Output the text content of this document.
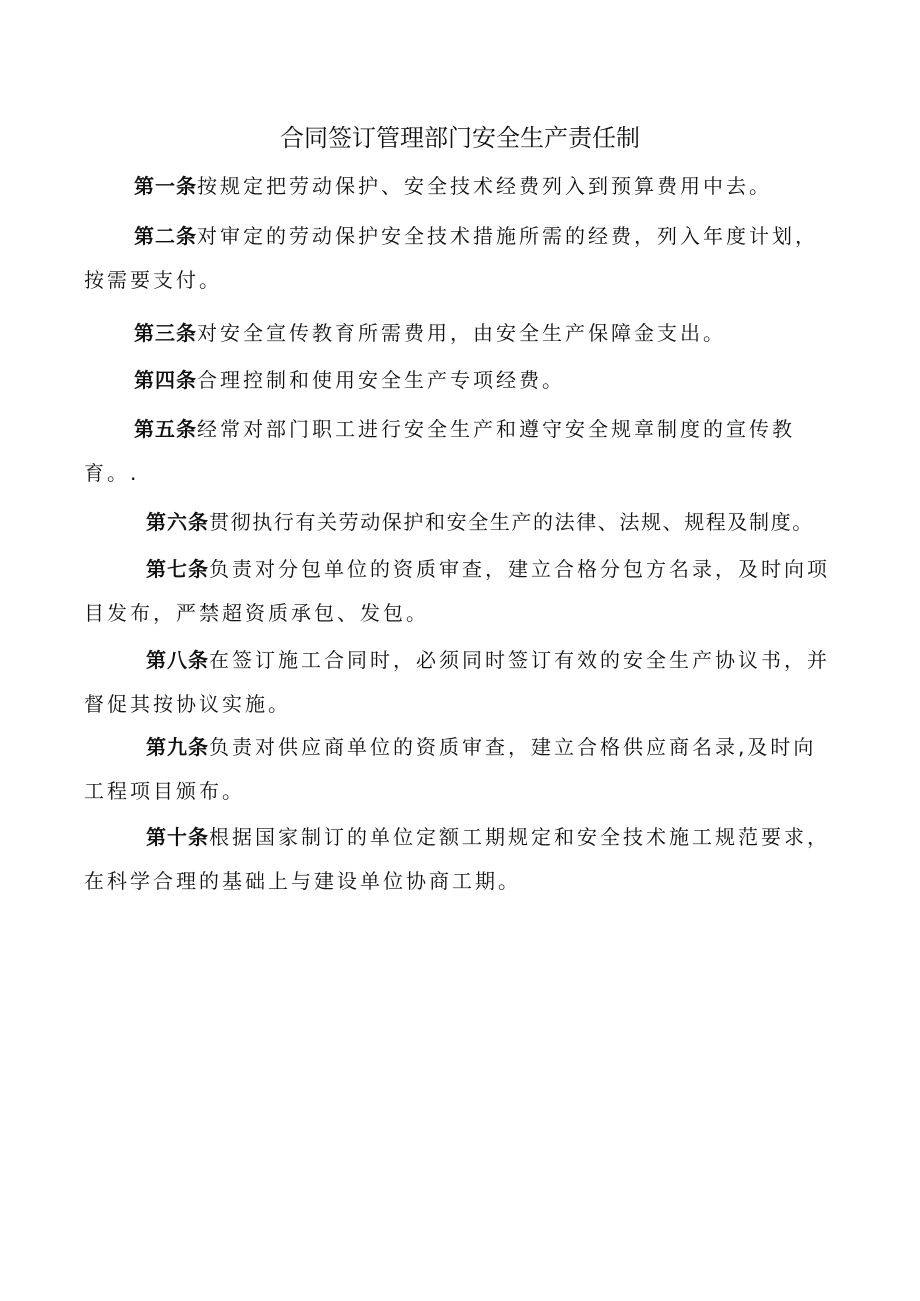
合同签订管理部门安全生产责任制
第一条按规定把劳动保护、安全技术经费列入到预算费用中去。
第二条对审定的劳动保护安全技术措施所需的经费，列入年度计划，
按需要支付。
第三条对安全宣传教育所需费用，由安全生产保障金支出。
第四条合理控制和使用安全生产专项经费。
第五条经常对部门职工进行安全生产和遵守安全规章制度的宣传教
育。.
第六条贯彻执行有关劳动保护和安全生产的法律、法规、规程及制度。
第七条负责对分包单位的资质审查，建立合格分包方名录，及时向项
目发布，严禁超资质承包、发包。
第八条在签订施工合同时，必须同时签订有效的安全生产协议书，并
督促其按协议实施。
第九条负责对供应商单位的资质审查，建立合格供应商名录,及时向
工程项目颁布。
第十条根据国家制订的单位定额工期规定和安全技术施工规范要求，
在科学合理的基础上与建设单位协商工期。
